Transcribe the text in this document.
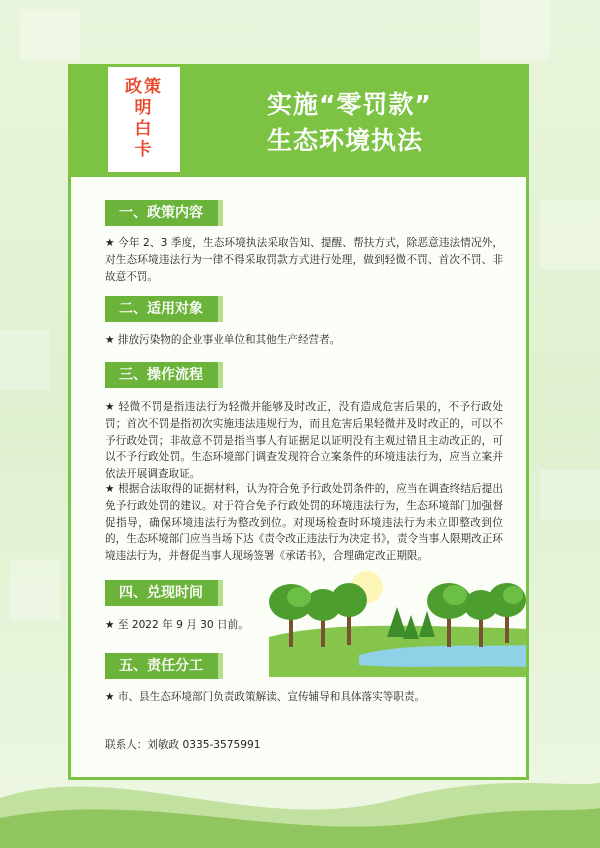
政策
明
白
卡
实施“零罚款”
生态环境执法
一、政策内容
★ 今年 2、3 季度，生态环境执法采取告知、提醒、帮扶方式，除恶意违法情况外，对生态环境违法行为一律不得采取罚款方式进行处理，做到轻微不罚、首次不罚、非故意不罚。
二、适用对象
★ 排放污染物的企业事业单位和其他生产经营者。
三、操作流程
★ 轻微不罚是指违法行为轻微并能够及时改正，没有造成危害后果的，不予行政处罚；首次不罚是指初次实施违法违规行为，而且危害后果轻微并及时改正的，可以不予行政处罚；非故意不罚是指当事人有证据足以证明没有主观过错且主动改正的，可以不予行政处罚。生态环境部门调查发现符合立案条件的环境违法行为，应当立案并依法开展调查取证。
★ 根据合法取得的证据材料，认为符合免予行政处罚条件的，应当在调查终结后提出免予行政处罚的建议。对于符合免予行政处罚的环境违法行为，生态环境部门加强督促指导，确保环境违法行为整改到位。对现场检查时环境违法行为未立即整改到位的，生态环境部门应当当场下达《责令改正违法行为决定书》，责令当事人限期改正环境违法行为，并督促当事人现场签署《承诺书》，合理确定改正期限。
四、兑现时间
★ 至 2022 年 9 月 30 日前。
五、责任分工
★ 市、县生态环境部门负责政策解读、宣传辅导和具体落实等职责。
联系人：刘敏政 0335-3575991
